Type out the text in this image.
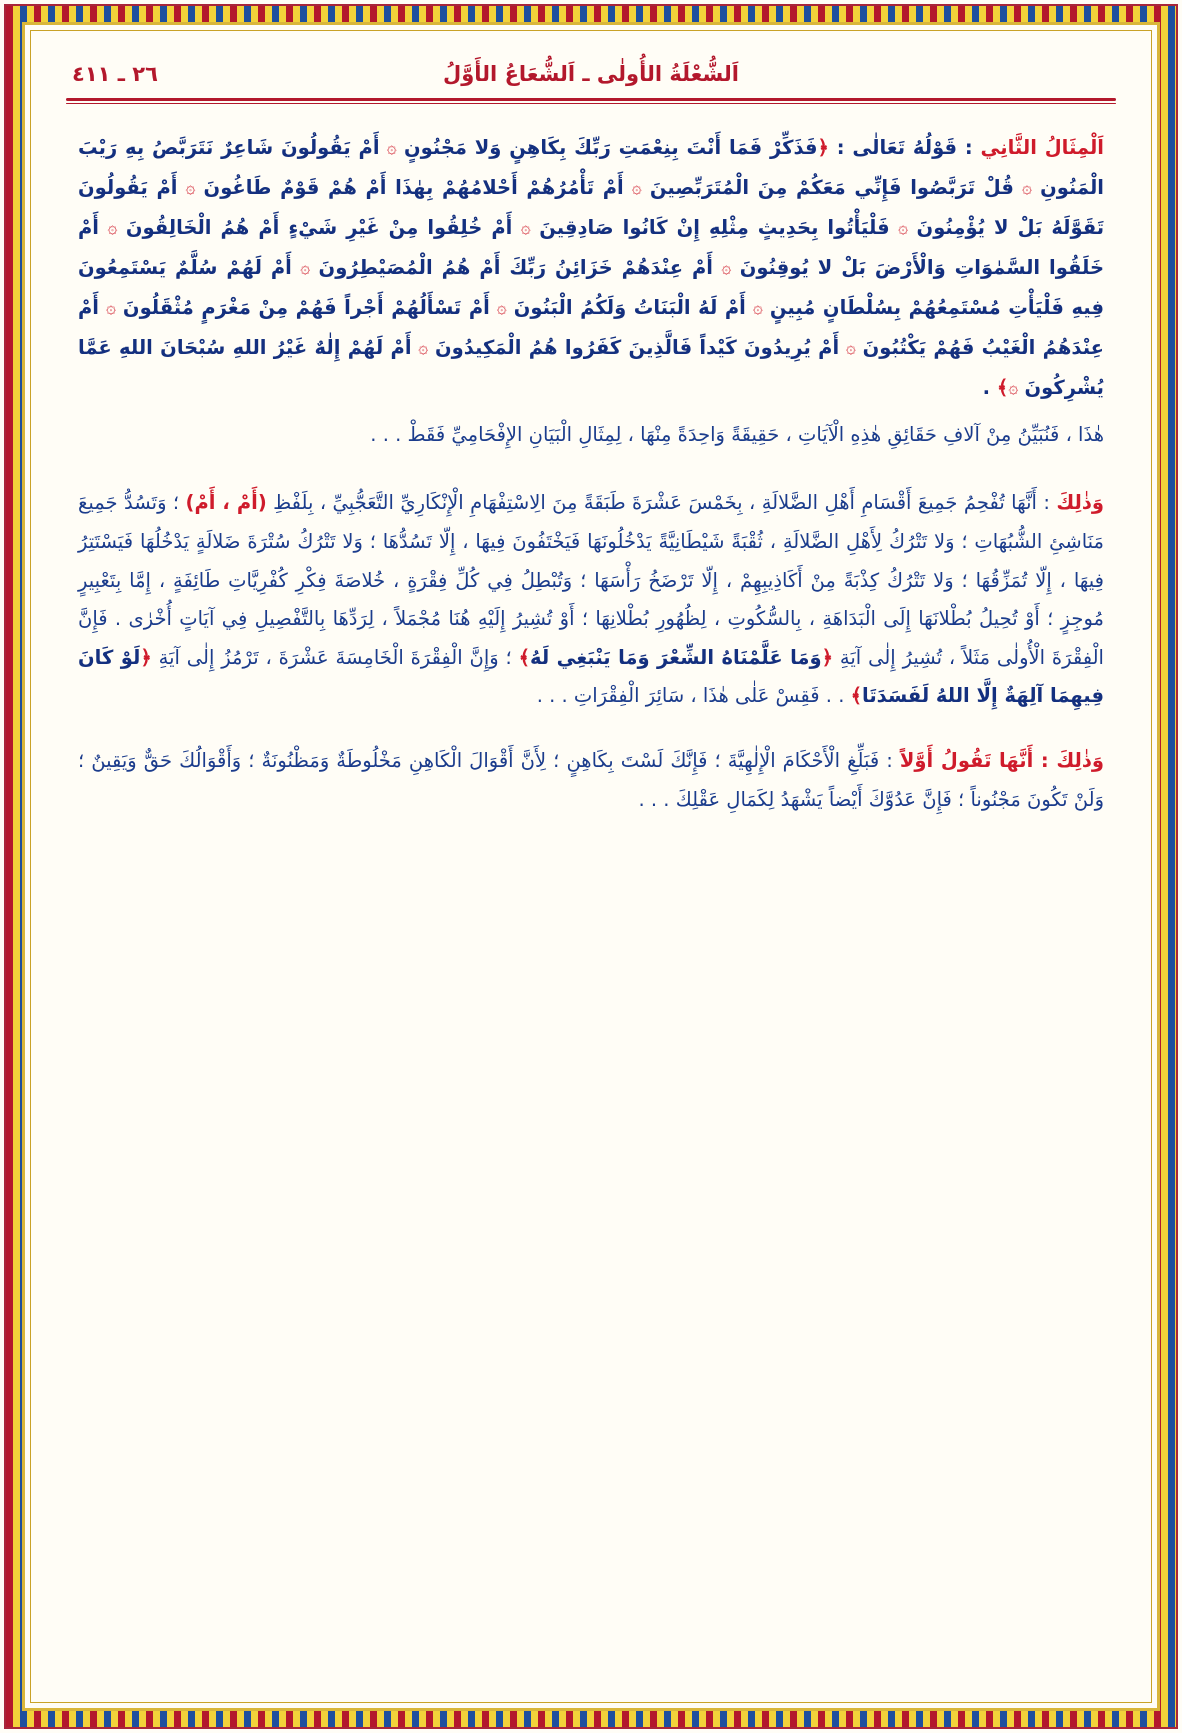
اَلشُّعْلَةُ الأُولٰى ـ اَلشُّعَاعُ الأَوَّلُ
٢٦ ـ ٤١١

اَلْمِثَالُ الثَّانِي : قَوْلُهُ تَعَالٰى : ﴿فَذَكِّرْ فَمَا أَنْتَ بِنِعْمَتِ رَبِّكَ بِكَاهِنٍ وَلا مَجْنُونٍ ۞ أَمْ يَقُولُونَ شَاعِرٌ نَتَرَبَّصُ بِهِ رَيْبَ الْمَنُونِ ۞ قُلْ تَرَبَّصُوا فَإِنِّي مَعَكُمْ مِنَ الْمُتَرَبِّصِينَ ۞ أَمْ تَأْمُرُهُمْ أَحْلامُهُمْ بِهٰذَا أَمْ هُمْ قَوْمٌ طَاغُونَ ۞ أَمْ يَقُولُونَ تَقَوَّلَهُ بَلْ لا يُؤْمِنُونَ ۞ فَلْيَأْتُوا بِحَدِيثٍ مِثْلِهِ إِنْ كَانُوا صَادِقِينَ ۞ أَمْ خُلِقُوا مِنْ غَيْرِ شَيْءٍ أَمْ هُمُ الْخَالِقُونَ ۞ أَمْ خَلَقُوا السَّمٰوَاتِ وَالْأَرْضَ بَلْ لا يُوقِنُونَ ۞ أَمْ عِنْدَهُمْ خَزَائِنُ رَبِّكَ أَمْ هُمُ الْمُصَيْطِرُونَ ۞ أَمْ لَهُمْ سُلَّمٌ يَسْتَمِعُونَ فِيهِ فَلْيَأْتِ مُسْتَمِعُهُمْ بِسُلْطَانٍ مُبِينٍ ۞ أَمْ لَهُ الْبَنَاتُ وَلَكُمُ الْبَنُونَ ۞ أَمْ تَسْأَلُهُمْ أَجْراً فَهُمْ مِنْ مَغْرَمٍ مُثْقَلُونَ ۞ أَمْ عِنْدَهُمُ الْغَيْبُ فَهُمْ يَكْتُبُونَ ۞ أَمْ يُرِيدُونَ كَيْداً فَالَّذِينَ كَفَرُوا هُمُ الْمَكِيدُونَ ۞ أَمْ لَهُمْ إِلٰهٌ غَيْرُ اللهِ سُبْحَانَ اللهِ عَمَّا يُشْرِكُونَ ۞﴾ .

هٰذَا ، فَنُبَيِّنُ مِنْ آلافِ حَقَائِقِ هٰذِهِ الْآيَاتِ ، حَقِيقَةً وَاحِدَةً مِنْهَا ، لِمِثَالِ الْبَيَانِ الإِفْحَامِيِّ فَقَطْ . . .

وَذٰلِكَ : أَنَّهَا تُفْحِمُ جَمِيعَ أَقْسَامِ أَهْلِ الضَّلالَةِ ، بِخَمْسَ عَشْرَةَ طَبَقَةً مِنَ الِاسْتِفْهَامِ الْإِنْكَارِيِّ التَّعَجُّبِيِّ ، بِلَفْظِ (أَمْ ، أَمْ) ؛ وَتَسُدُّ جَمِيعَ مَنَاشِئِ الشُّبُهَاتِ ؛ وَلا تَتْرُكُ لِأَهْلِ الضَّلالَةِ ، ثُقْبَةً شَيْطَانِيَّةً يَدْخُلُونَهَا فَيَخْتَفُونَ فِيهَا ، إِلّا تَسُدُّهَا ؛ وَلا تَتْرُكُ سُتْرَةَ ضَلالَةٍ يَدْخُلُهَا فَيَسْتَتِرُ فِيهَا ، إِلّا تُمَزِّقُهَا ؛ وَلا تَتْرُكُ كِذْبَةً مِنْ أَكَاذِيبِهِمْ ، إِلّا تَرْضَخُ رَأْسَهَا ؛ وَتُبْطِلُ فِي كُلِّ فِقْرَةٍ ، خُلاصَةَ فِكْرِ كُفْرِيَّاتِ طَائِفَةٍ ، إِمَّا بِتَعْبِيرٍ مُوجِزٍ ؛ أَوْ تُحِيلُ بُطْلانَهَا إِلَى الْبَدَاهَةِ ، بِالسُّكُوتِ ، لِظُهُورِ بُطْلانِهَا ؛ أَوْ تُشِيرُ إِلَيْهِ هُنَا مُجْمَلاً ، لِرَدِّهَا بِالتَّفْصِيلِ فِي آيَاتٍ أُخْرٰى . فَإِنَّ الْفِقْرَةَ الْأُولٰى مَثَلاً ، تُشِيرُ إِلٰى آيَةِ ﴿وَمَا عَلَّمْنَاهُ الشِّعْرَ وَمَا يَنْبَغِي لَهُ﴾ ؛ وَإِنَّ الْفِقْرَةَ الْخَامِسَةَ عَشْرَةَ ، تَرْمُزُ إِلٰى آيَةِ ﴿لَوْ كَانَ فِيهِمَا آلِهَةٌ إِلَّا اللهُ لَفَسَدَتَا﴾ . . فَقِسْ عَلٰى هٰذَا ، سَائِرَ الْفِقْرَاتِ . . .

وَذٰلِكَ : أَنَّهَا تَقُولُ أَوَّلاً : فَبَلِّغِ الْأَحْكَامَ الْإِلٰهِيَّةَ ؛ فَإِنَّكَ لَسْتَ بِكَاهِنٍ ؛ لِأَنَّ أَقْوَالَ الْكَاهِنِ مَخْلُوطَةٌ وَمَظْنُونَةٌ ؛ وَأَقْوَالُكَ حَقٌّ وَيَقِينٌ ؛ وَلَنْ تَكُونَ مَجْنُوناً ؛ فَإِنَّ عَدُوَّكَ أَيْضاً يَشْهَدُ لِكَمَالِ عَقْلِكَ . . .
